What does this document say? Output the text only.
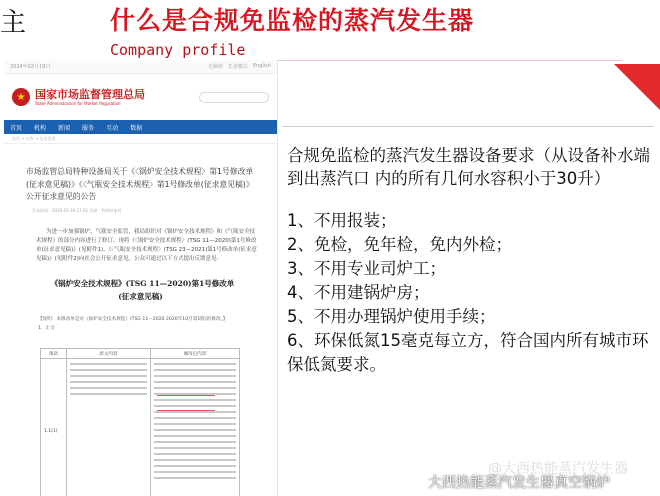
主	什么是合规免监检的蒸汽发生器
Company profile
2024年02月19日	无障碍 长者模式 English
★ 国家市场监督管理总局
State Administration for Market Regulation
首页 机构 新闻 服务 互动 数据
首页 > 公告 > 征求意见
市场监管总局特种设备局关于《〈锅炉安全技术规程〉第1号修改单(征求意见稿)》《〈气瓶安全技术规程〉第1号修改单(征求意见稿)》公开征求意见的公告
发布时间：2024-02-19 17:02 来源：特种设备局
为进一步加强锅炉、气瓶安全监管，我局组织对《锅炉安全技术规程》和《气瓶安全技术规程》的部分内容进行了修订，现将《〈锅炉安全技术规程〉(TSG 11—2020)第1号修改单(征求意见稿)》(见附件1)、《〈气瓶安全技术规程〉(TSG 23—2021)第1号修改单(征求意见稿)》(见附件2)向社会公开征求意见。公众可通过以下方式提出反馈意见：
《锅炉安全技术规程》(TSG 11—2020)第1号修改单
(征求意见稿)
【说明：本修改单是对《锅炉安全技术规程》(TSG 11—2020 2020年10月第1版)的修改。】
1、正文
条款	原文内容	修改后内容
1.1(1)
合规免监检的蒸汽发生器设备要求（从设备补水端到出蒸汽口 内的所有几何水容积小于30升）
1、不用报装；
2、免检，免年检，免内外检；
3、不用专业司炉工；
4、不用建锅炉房；
5、不用办理锅炉使用手续；
6、环保低氮15毫克每立方，符合国内所有城市环保低氮要求。
@大西热能蒸汽发生器
大西热能蒸汽发生器真空锅炉
